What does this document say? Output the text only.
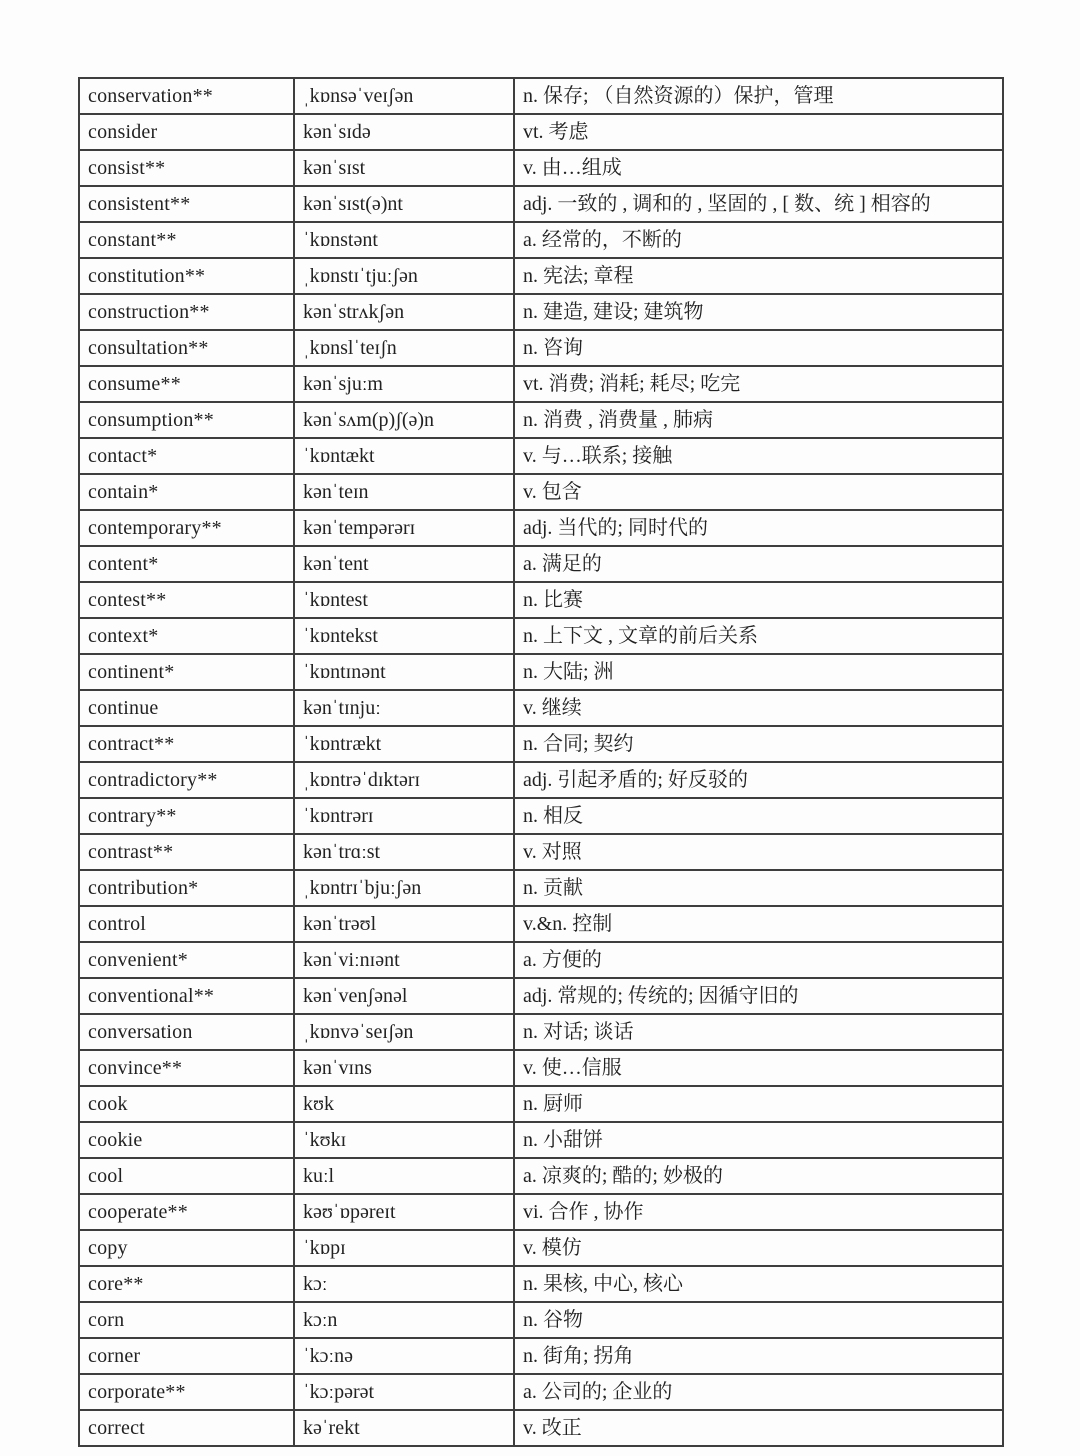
conservation**	ˌkɒnsəˈveɪʃən	n. 保存; （自然资源的）保护，管理
consider	kənˈsɪdə	vt. 考虑
consist**	kənˈsɪst	v. 由…组成
consistent**	kənˈsɪst(ə)nt	adj. 一致的 , 调和的 , 坚固的 , [ 数、统 ] 相容的
constant**	ˈkɒnstənt	a. 经常的，不断的
constitution**	ˌkɒnstɪˈtjuːʃən	n. 宪法; 章程
construction**	kənˈstrʌkʃən	n. 建造, 建设; 建筑物
consultation**	ˌkɒnslˈteɪʃn	n. 咨询
consume**	kənˈsjuːm	vt. 消费; 消耗; 耗尽; 吃完
consumption**	kənˈsʌm(p)ʃ(ə)n	n. 消费 , 消费量 , 肺病
contact*	ˈkɒntækt	v. 与…联系; 接触
contain*	kənˈteɪn	v. 包含
contemporary**	kənˈtempərərɪ	adj. 当代的; 同时代的
content*	kənˈtent	a. 满足的
contest**	ˈkɒntest	n. 比赛
context*	ˈkɒntekst	n. 上下文 , 文章的前后关系
continent*	ˈkɒntɪnənt	n. 大陆; 洲
continue	kənˈtɪnjuː	v. 继续
contract**	ˈkɒntrækt	n. 合同; 契约
contradictory**	ˌkɒntrəˈdɪktərɪ	adj. 引起矛盾的; 好反驳的
contrary**	ˈkɒntrərɪ	n. 相反
contrast**	kənˈtrɑːst	v. 对照
contribution*	ˌkɒntrɪˈbjuːʃən	n. 贡献
control	kənˈtrəʊl	v.&n. 控制
convenient*	kənˈviːnɪənt	a. 方便的
conventional**	kənˈvenʃənəl	adj. 常规的; 传统的; 因循守旧的
conversation	ˌkɒnvəˈseɪʃən	n. 对话; 谈话
convince**	kənˈvɪns	v. 使…信服
cook	kʊk	n. 厨师
cookie	ˈkʊkɪ	n. 小甜饼
cool	kuːl	a. 凉爽的; 酷的; 妙极的
cooperate**	kəʊˈɒpəreɪt	vi. 合作 , 协作
copy	ˈkɒpɪ	v. 模仿
core**	kɔː	n. 果核, 中心, 核心
corn	kɔːn	n. 谷物
corner	ˈkɔːnə	n. 街角; 拐角
corporate**	ˈkɔːpərət	a. 公司的; 企业的
correct	kəˈrekt	v. 改正
